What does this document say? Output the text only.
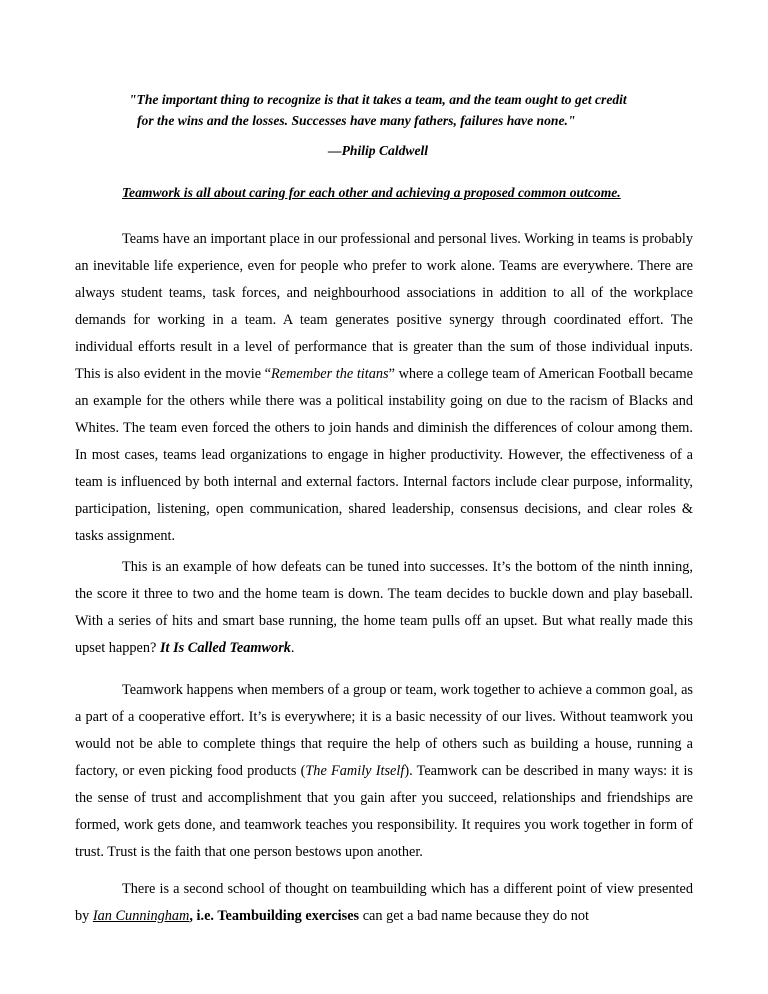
"The important thing to recognize is that it takes a team, and the team ought to get credit
for the wins and the losses. Successes have many fathers, failures have none."
—Philip Caldwell
Teamwork is all about caring for each other and achieving a proposed common outcome.

Teams have an important place in our professional and personal lives. Working in teams is probably an inevitable life experience, even for people who prefer to work alone. Teams are everywhere. There are always student teams, task forces, and neighbourhood associations in addition to all of the workplace demands for working in a team. A team generates positive synergy through coordinated effort. The individual efforts result in a level of performance that is greater than the sum of those individual inputs. This is also evident in the movie “Remember the titans” where a college team of American Football became an example for the others while there was a political instability going on due to the racism of Blacks and Whites. The team even forced the others to join hands and diminish the differences of colour among them. In most cases, teams lead organizations to engage in higher productivity. However, the effectiveness of a team is influenced by both internal and external factors. Internal factors include clear purpose, informality, participation, listening, open communication, shared leadership, consensus decisions, and clear roles & tasks assignment.

This is an example of how defeats can be tuned into successes. It’s the bottom of the ninth inning, the score it three to two and the home team is down. The team decides to buckle down and play baseball. With a series of hits and smart base running, the home team pulls off an upset. But what really made this upset happen? It Is Called Teamwork.

Teamwork happens when members of a group or team, work together to achieve a common goal, as a part of a cooperative effort. It’s is everywhere; it is a basic necessity of our lives. Without teamwork you would not be able to complete things that require the help of others such as building a house, running a factory, or even picking food products (The Family Itself). Teamwork can be described in many ways: it is the sense of trust and accomplishment that you gain after you succeed, relationships and friendships are formed, work gets done, and teamwork teaches you responsibility. It requires you work together in form of trust. Trust is the faith that one person bestows upon another.

There is a second school of thought on teambuilding which has a different point of view presented by Ian Cunningham, i.e. Teambuilding exercises can get a bad name because they do not
